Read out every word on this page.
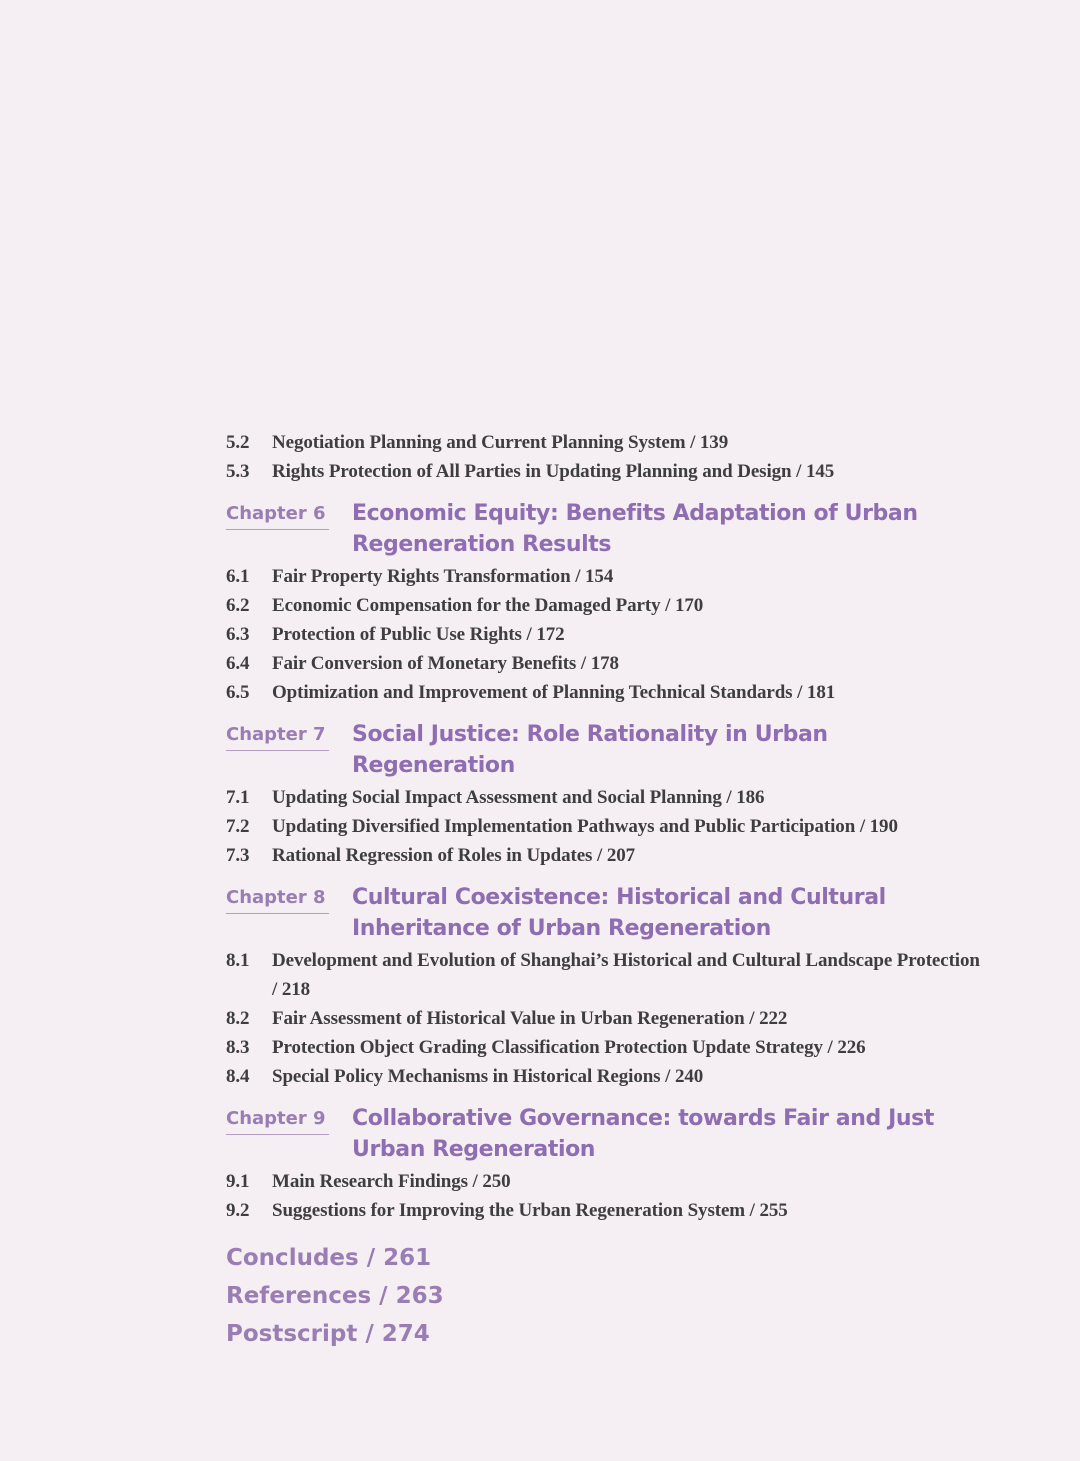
5.2	Negotiation Planning and Current Planning System / 139
5.3	Rights Protection of All Parties in Updating Planning and Design / 145
Chapter 6	Economic Equity: Benefits Adaptation of Urban Regeneration Results
6.1	Fair Property Rights Transformation / 154
6.2	Economic Compensation for the Damaged Party / 170
6.3	Protection of Public Use Rights / 172
6.4	Fair Conversion of Monetary Benefits / 178
6.5	Optimization and Improvement of Planning Technical Standards / 181
Chapter 7	Social Justice: Role Rationality in Urban Regeneration
7.1	Updating Social Impact Assessment and Social Planning / 186
7.2	Updating Diversified Implementation Pathways and Public Participation / 190
7.3	Rational Regression of Roles in Updates / 207
Chapter 8	Cultural Coexistence: Historical and Cultural Inheritance of Urban Regeneration
8.1	Development and Evolution of Shanghai’s Historical and Cultural Landscape Protection / 218
8.2	Fair Assessment of Historical Value in Urban Regeneration / 222
8.3	Protection Object Grading Classification Protection Update Strategy / 226
8.4	Special Policy Mechanisms in Historical Regions / 240
Chapter 9	Collaborative Governance: towards Fair and Just Urban Regeneration
9.1	Main Research Findings / 250
9.2	Suggestions for Improving the Urban Regeneration System / 255
Concludes / 261
References / 263
Postscript / 274
